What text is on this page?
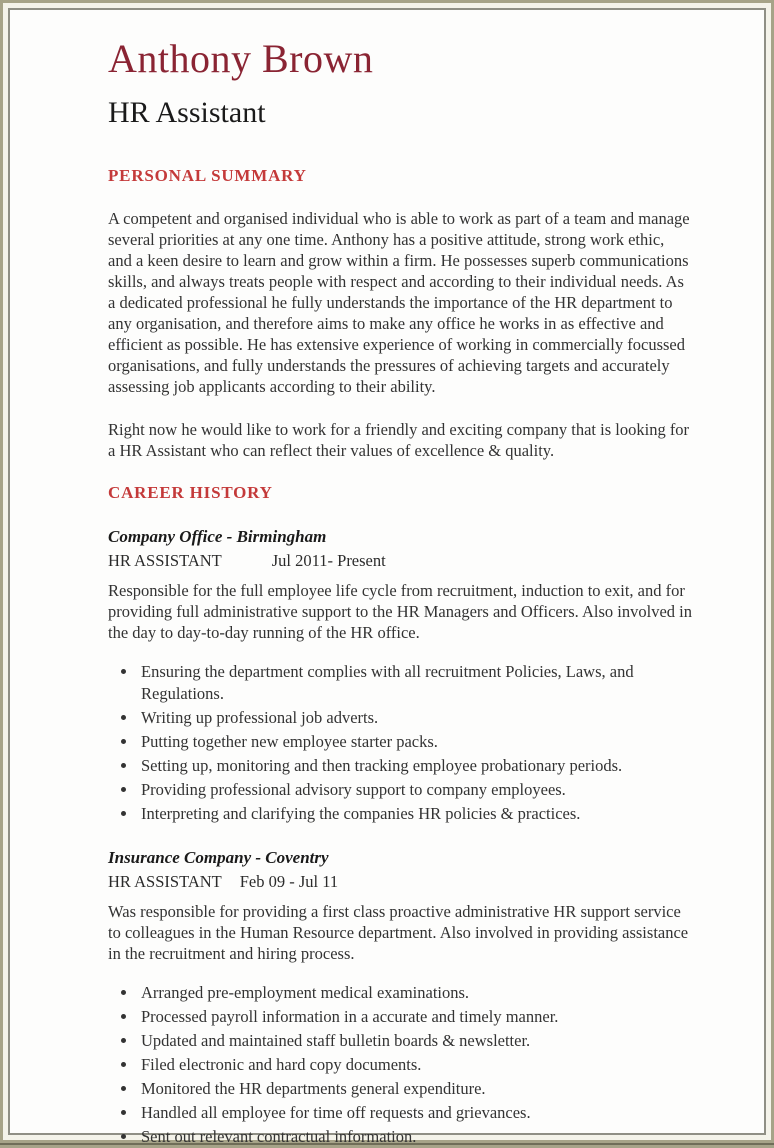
Anthony Brown
HR Assistant
PERSONAL SUMMARY

A competent and organised individual who is able to work as part of a team and manage several priorities at any one time. Anthony has a positive attitude, strong work ethic, and a keen desire to learn and grow within a firm. He possesses superb communications skills, and always treats people with respect and according to their individual needs. As a dedicated professional he fully understands the importance of the HR department to any organisation, and therefore aims to make any office he works in as effective and efficient as possible. He has extensive experience of working in commercially focussed organisations, and fully understands the pressures of achieving targets and accurately assessing job applicants according to their ability.

Right now he would like to work for a friendly and exciting company that is looking for a HR Assistant who can reflect their values of excellence & quality.

CAREER HISTORY
Company Office - Birmingham
HR ASSISTANT	Jul 2011- Present

Responsible for the full employee life cycle from recruitment, induction to exit, and for providing full administrative support to the HR Managers and Officers. Also involved in the day to day-to-day running of the HR office.

• Ensuring the department complies with all recruitment Policies, Laws, and Regulations.
• Writing up professional job adverts.
• Putting together new employee starter packs.
• Setting up, monitoring and then tracking employee probationary periods.
• Providing professional advisory support to company employees.
• Interpreting and clarifying the companies HR policies & practices.
Insurance Company - Coventry
HR ASSISTANT Feb 09 - Jul 11

Was responsible for providing a first class proactive administrative HR support service to colleagues in the Human Resource department. Also involved in providing assistance in the recruitment and hiring process.

• Arranged pre-employment medical examinations.
• Processed payroll information in a accurate and timely manner.
• Updated and maintained staff bulletin boards & newsletter.
• Filed electronic and hard copy documents.
• Monitored the HR departments general expenditure.
• Handled all employee for time off requests and grievances.
• Sent out relevant contractual information.
